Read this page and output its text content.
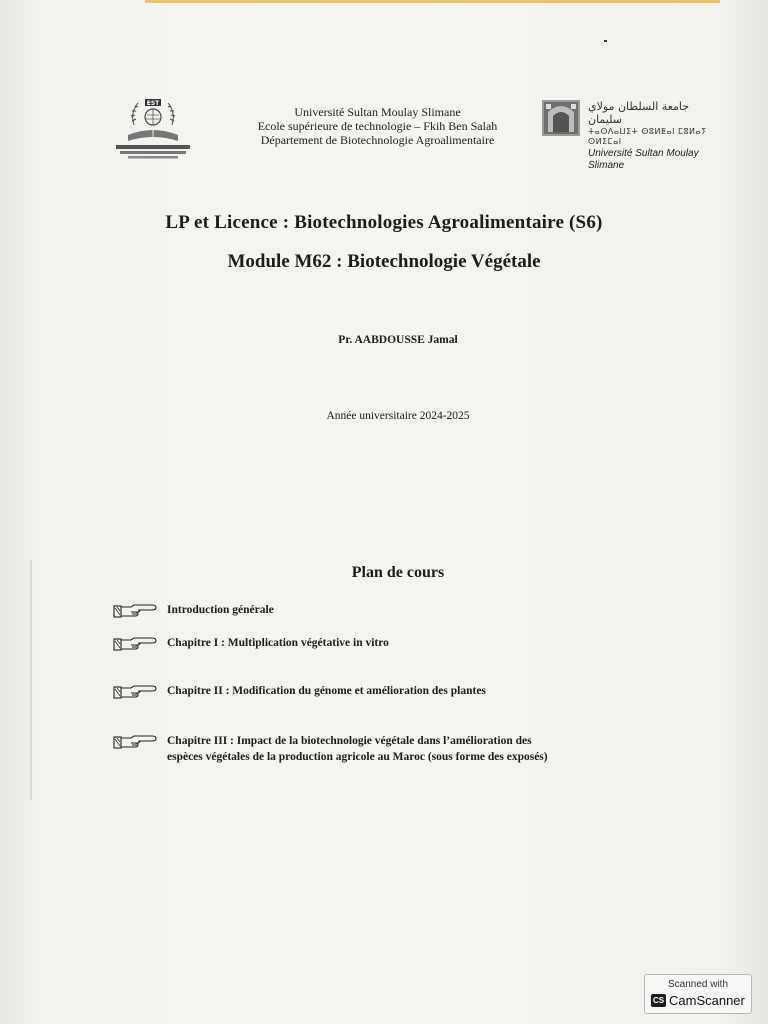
EST
Université Sultan Moulay Slimane
Ecole supérieure de technologie – Fkih Ben Salah
Département de Biotechnologie Agroalimentaire
جامعة السلطان مولاي سليمان
ⵜⴰⵙⴷⴰⵡⵉⵜ ⵙⵓⵍⵟⴰⵏ ⵎⵓⵍⴰⵢ ⵙⵍⵉⵎⴰⵏ
Université Sultan Moulay Slimane
LP et Licence : Biotechnologies Agroalimentaire (S6)
Module M62 : Biotechnologie Végétale
Pr. AABDOUSSE Jamal
Année universitaire 2024-2025
Plan de cours
Introduction générale
Chapitre I : Multiplication végétative in vitro
Chapitre II : Modification du génome et amélioration des plantes
Chapitre III : Impact de la biotechnologie végétale dans l’amélioration des
espèces végétales de la production agricole au Maroc (sous forme des exposés)
Scanned with
CS CamScanner
